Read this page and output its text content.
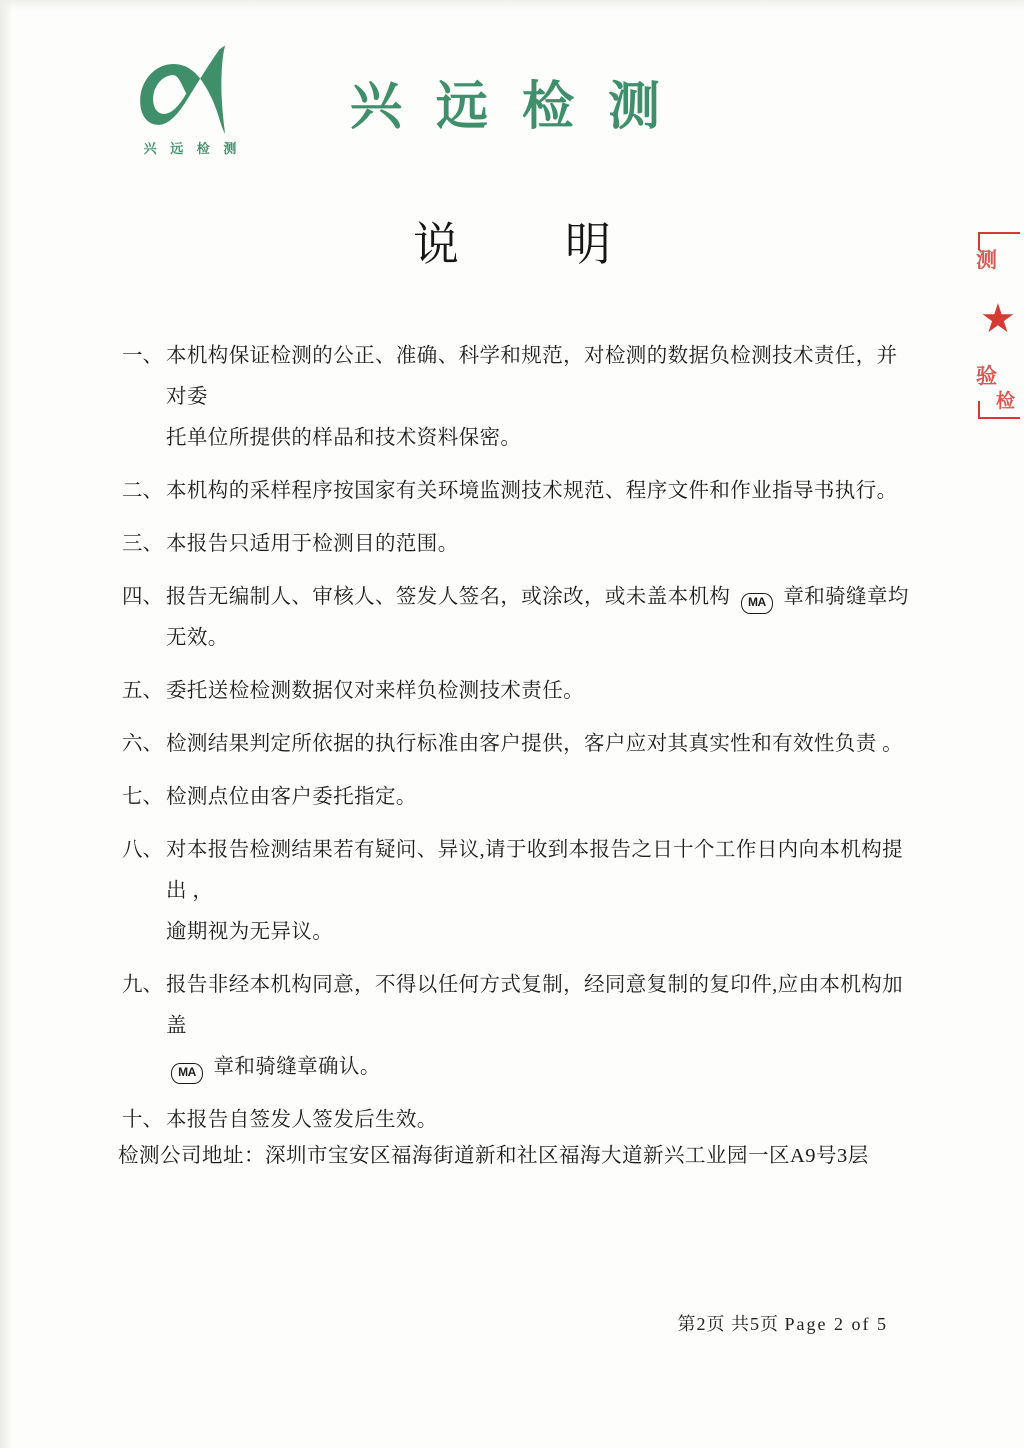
兴 远 检 测
兴远检测
说　明
一、 本机构保证检测的公正、准确、科学和规范，对检测的数据负检测技术责任，并对委
托单位所提供的样品和技术资料保密。
二、 本机构的采样程序按国家有关环境监测技术规范、程序文件和作业指导书执行。
三、 本报告只适用于检测目的范围。
四、 报告无编制人、审核人、签发人签名，或涂改，或未盖本机构 MA 章和骑缝章均
无效。
五、 委托送检检测数据仅对来样负检测技术责任。
六、 检测结果判定所依据的执行标准由客户提供，客户应对其真实性和有效性负责 。
七、 检测点位由客户委托指定。
八、 对本报告检测结果若有疑问、异议,请于收到本报告之日十个工作日内向本机构提出 ，
逾期视为无异议。
九、 报告非经本机构同意，不得以任何方式复制，经同意复制的复印件,应由本机构加盖
MA 章和骑缝章确认。
十、 本报告自签发人签发后生效。
检测公司地址：深圳市宝安区福海街道新和社区福海大道新兴工业园一区A9号3层
第2页 共5页 Page 2 of 5
测
验
检
